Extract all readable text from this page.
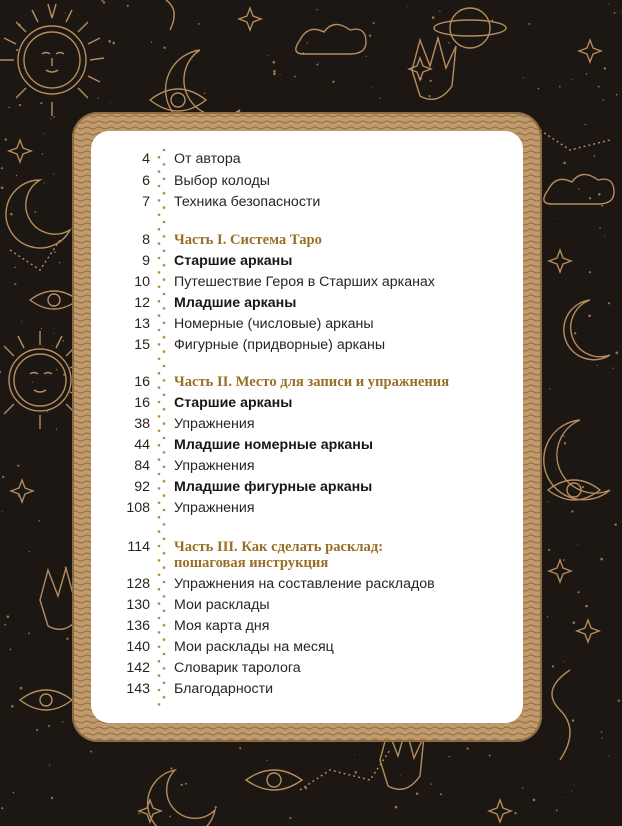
4 От автора
6 Выбор колоды
7 Техника безопасности
8 Часть I. Система Таро
9 Старшие арканы
10 Путешествие Героя в Старших арканах
12 Младшие арканы
13 Номерные (числовые) арканы
15 Фигурные (придворные) арканы
16 Часть II. Место для записи и упражнения
16 Старшие арканы
38 Упражнения
44 Младшие номерные арканы
84 Упражнения
92 Младшие фигурные арканы
108 Упражнения
114 Часть III. Как сделать расклад:
пошаговая инструкция
128 Упражнения на составление раскладов
130 Мои расклады
136 Моя карта дня
140 Мои расклады на месяц
142 Словарик таролога
143 Благодарности
